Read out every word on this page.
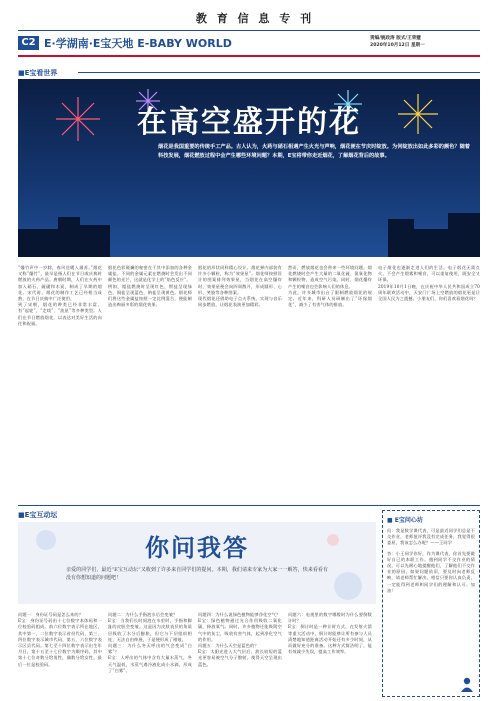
教 育 信 息 专 刊
C2 E·学湖南·E宝天地 E-BABY WORLD	责编/姚政涛 版式/王荣璧
2020年10月12日 星期一
■E宝看世界
在高空盛开的花
烟花是我国重要的传统手工产品。古人认为，火药与硝石相遇产生火光与声响，烟花便在节庆时绽放。为何绽放出如此多彩的颜色？随着科技发展，烟花燃放过程中会产生哪些环境问题？本期，E宝将带你走近烟花，了解烟花背后的故事。
“爆竹声中一岁除，春风送暖入屠苏。”烟花又称“爆竹”，最早是指人们在节日或庆典时燃放的火药产品。唐朝时期，人们在火药中加入硝石、硫磺和木炭，制成了早期的烟花。宋代时，烟花的制作工艺已经相当成熟，在节日庆典中广泛使用。
到了宋朝，烟花的种类已经非常丰富，有“起轮”、“走线”、“流星”等多种类型。人们在节日燃放烟花，以表达对美好生活的向往和祝福。
烟花色彩斑斓的秘密在于其中添加的各种金属盐。不同的金属元素在燃烧时会发出不同颜色的光芒，这就是化学上的“焰色反应”。
例如，锶盐燃烧时呈现红色，钡盐呈现绿色，铜盐呈现蓝色，钠盐呈现黄色。烟花师们将这些金属盐按照一定比例混合，便能制造出绚丽多彩的烟花效果。
烟花的形状同样精心设计。烟花弹内部装有许多小颗粒，称为“效果星”。烟花师按照设计的图案排列效果星，当烟花在高空爆炸时，效果星便会向四周散开，形成圆形、心形、笑脸等各种图案。
现代烟花还借助电子点火系统，实现与音乐同步燃放，让烟花表演更加精彩。
然而，燃放烟花也会带来一些环境问题。烟花燃烧时会产生大量的二氧化硫、氮氧化物和颗粒物，造成空气污染。同时，烟花爆炸产生的噪音也会影响人们的休息。
为此，许多城市出台了限制燃放烟花的规定。近年来，科研人员研制出了“环保烟花”，减少了有害气体的排放。
电子烟花也逐渐走进人们的生活。电子烟花无需点火，不会产生烟雾和噪音，可以重复使用，既安全又环保。
2019年10月1日晚，在庆祝中华人民共和国成立70周年联欢活动中，天安门广场上空燃放的烟花更是让全国人民为之震撼。小朋友们，你们喜欢看烟花吗？
■E宝互动坛
你问我答
亲爱的同学们，最近“E宝互动坛”又收到了许多来自同学们的提问。本期，我们请来专家为大家一一解答，快来看看有没有你想知道的问题吧！
问题一：身份证号码是怎么来的？
E宝：身份证号码由十七位数字本体码和一位校验码组成。前六位数字表示所在地区，其中第一、二位数字表示省份代码，第三、四位数字表示城市代码，第五、六位数字表示区县代码。第七至十四位数字表示出生年月日，第十五至十七位数字为顺序码，其中第十七位奇数分给男性，偶数分给女性。最后一位是校验码。
问题二：为什么手指泡水后会变皱？
E宝：当我们长时间泡在水里时，手指和脚趾的皮肤会变皱。这是因为皮肤表层的角质层吸收了水分后膨胀，但它与下层组织相连，无法自由伸展，于是便形成了褶皱。
问题三：为什么冬天呼出的气会变成“白雾”？
E宝：人呼出的气体中含有大量水蒸气，冬天气温低，水蒸气遇冷液化成小水滴，形成了“白雾”。
问题四：为什么说绿色植物能够净化空气？
E宝：绿色植物通过光合作用吸收二氧化碳，释放氧气。同时，许多植物还能吸附空气中的灰尘，吸收有害气体，起到净化空气的作用。
问题五：为什么天空是蓝色的？
E宝：太阳光进入大气层后，波长较短的蓝光更容易被空气分子散射，使得天空呈现出蓝色。
问题六：电视里的数字哪般时为什么要倒数计时？
E宝：倒计时是一种计时方式，在发射火箭等重大活动中，倒计时能够让所有参与人员清楚地知道距离活动开始还有多少时间，从而做好充分的准备。这种方式简洁明了，能有效减少失误，提高工作效率。
■ E宝问心坊
问：我是数学课代表，可是最近同学们总是不交作业，老师批评我没有完成任务，我觉得很委屈，我该怎么办呢？——王同学
答：小王同学你好，作为课代表，你首先要做好自己的本职工作。遇到同学不交作业的情况，可以先耐心地提醒他们，了解他们不交作业的原因。如果问题依旧，要及时向老师反映，请老师帮忙解决。相信只要你认真负责，一定能得到老师和同学们的理解和认可。加油！
